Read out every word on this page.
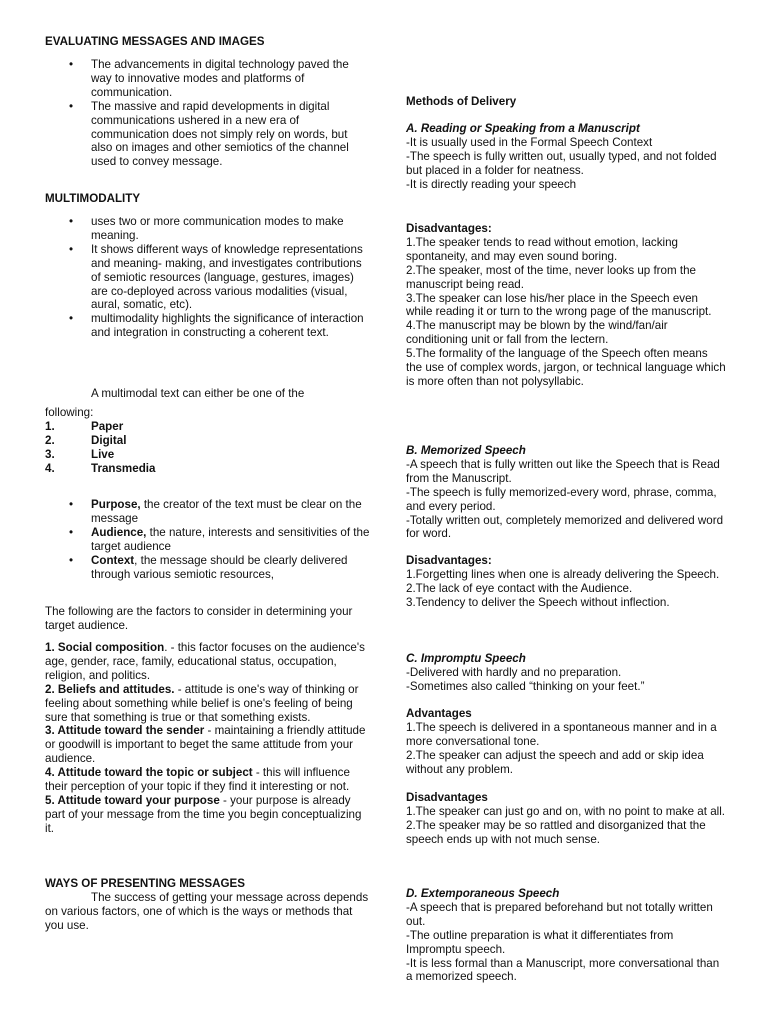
EVALUATING MESSAGES AND IMAGES
• The advancements in digital technology paved the way to innovative modes and platforms of communication.
• The massive and rapid developments in digital communications ushered in a new era of communication does not simply rely on words, but also on images and other semiotics of the channel used to convey message.
MULTIMODALITY
• uses two or more communication modes to make meaning.
• It shows different ways of knowledge representations and meaning- making, and investigates contributions of semiotic resources (language, gestures, images) are co-deployed across various modalities (visual, aural, somatic, etc).
• multimodality highlights the significance of interaction and integration in constructing a coherent text.
A multimodal text can either be one of the
following:
1.	Paper
2.	Digital
3.	Live
4.	Transmedia
• Purpose, the creator of the text must be clear on the message
• Audience, the nature, interests and sensitivities of the target audience
• Context, the message should be clearly delivered through various semiotic resources,

The following are the factors to consider in determining your target audience.

1. Social composition. - this factor focuses on the audience's age, gender, race, family, educational status, occupation, religion, and politics.

2. Beliefs and attitudes. - attitude is one's way of thinking or feeling about something while belief is one's feeling of being sure that something is true or that something exists.

3. Attitude toward the sender - maintaining a friendly attitude or goodwill is important to beget the same attitude from your audience.

4. Attitude toward the topic or subject - this will influence their perception of your topic if they find it interesting or not.

5. Attitude toward your purpose - your purpose is already part of your message from the time you begin conceptualizing it.

WAYS OF PRESENTING MESSAGES

The success of getting your message across depends on various factors, one of which is the ways or methods that you use.

Methods of Delivery
A. Reading or Speaking from a Manuscript

-It is usually used in the Formal Speech Context

-The speech is fully written out, usually typed, and not folded but placed in a folder for neatness.

-It is directly reading your speech

Disadvantages:

1.The speaker tends to read without emotion, lacking spontaneity, and may even sound boring.

2.The speaker, most of the time, never looks up from the manuscript being read.

3.The speaker can lose his/her place in the Speech even while reading it or turn to the wrong page of the manuscript.

4.The manuscript may be blown by the wind/fan/air conditioning unit or fall from the lectern.

5.The formality of the language of the Speech often means the use of complex words, jargon, or technical language which is more often than not polysyllabic.

B. Memorized Speech

-A speech that is fully written out like the Speech that is Read from the Manuscript.

-The speech is fully memorized-every word, phrase, comma, and every period.

-Totally written out, completely memorized and delivered word for word.

Disadvantages:

1.Forgetting lines when one is already delivering the Speech.

2.The lack of eye contact with the Audience.

3.Tendency to deliver the Speech without inflection.

C. Impromptu Speech

-Delivered with hardly and no preparation.

-Sometimes also called “thinking on your feet.”

Advantages

1.The speech is delivered in a spontaneous manner and in a more conversational tone.

2.The speaker can adjust the speech and add or skip idea without any problem.

Disadvantages

1.The speaker can just go and on, with no point to make at all.

2.The speaker may be so rattled and disorganized that the speech ends up with not much sense.

D. Extemporaneous Speech

-A speech that is prepared beforehand but not totally written out.

-The outline preparation is what it differentiates from Impromptu speech.

-It is less formal than a Manuscript, more conversational than a memorized speech.
